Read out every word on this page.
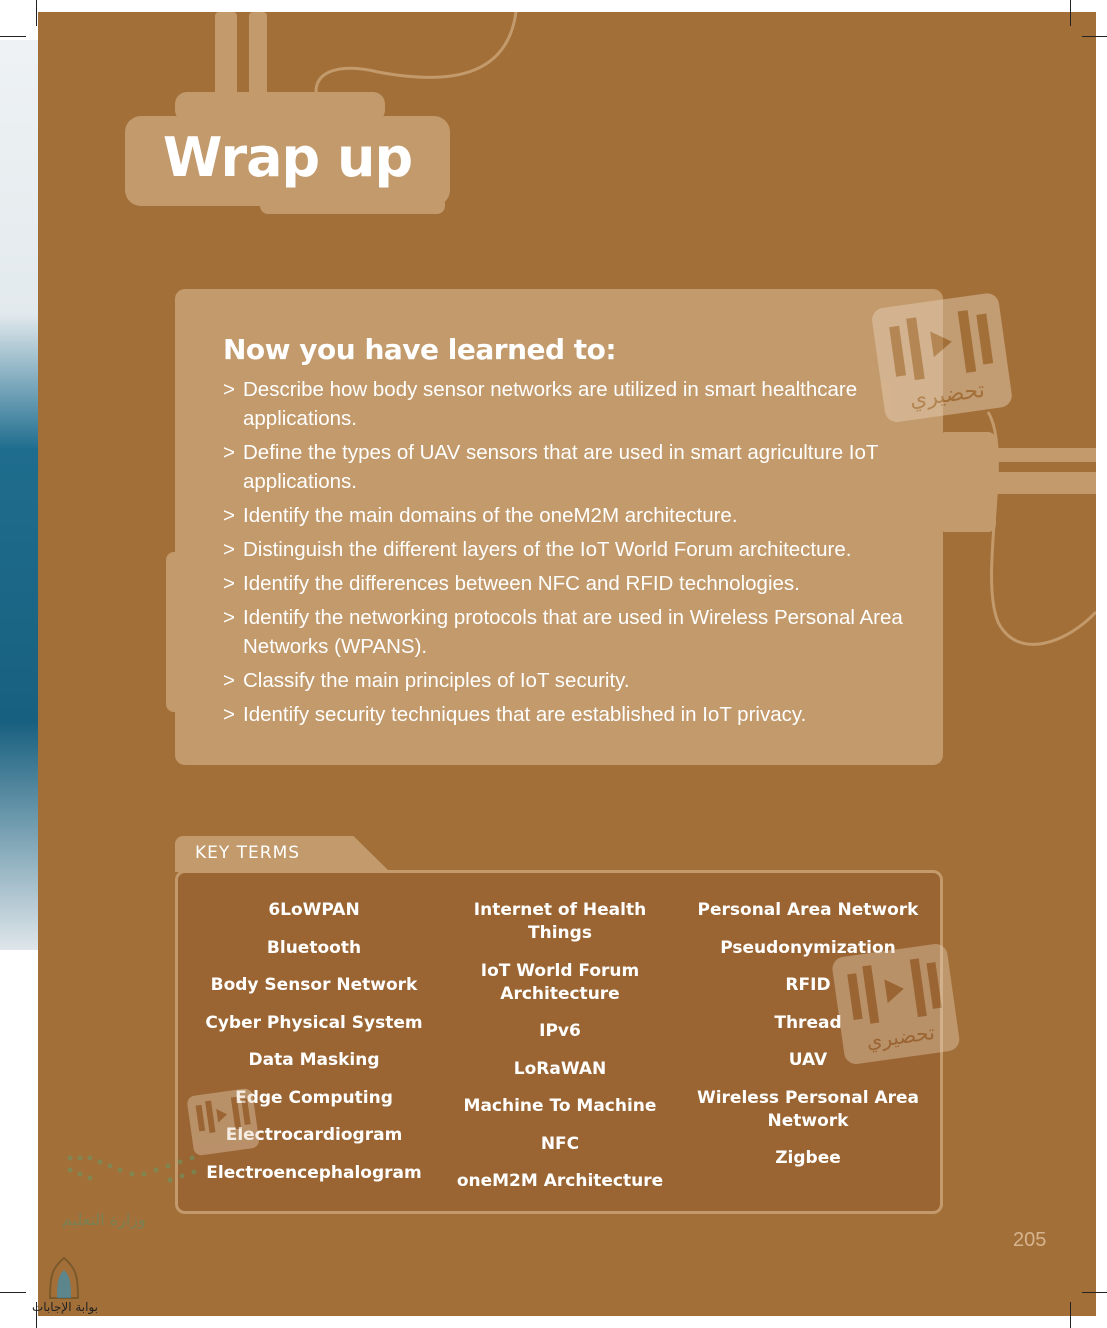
Wrap up
Now you have learned to:
> Describe how body sensor networks are utilized in smart healthcare applications.
> Define the types of UAV sensors that are used in smart agriculture IoT applications.
> Identify the main domains of the oneM2M architecture.
> Distinguish the different layers of the IoT World Forum architecture.
> Identify the differences between NFC and RFID technologies.
> Identify the networking protocols that are used in Wireless Personal Area Networks (WPANS).
> Classify the main principles of IoT security.
> Identify security techniques that are established in IoT privacy.
KEY TERMS
6LoWPAN
Bluetooth
Body Sensor Network
Cyber Physical System
Data Masking
Edge Computing
Electrocardiogram
Electroencephalogram
Internet of Health Things
IoT World Forum Architecture
IPv6
LoRaWAN
Machine To Machine
NFC
oneM2M Architecture
Personal Area Network
Pseudonymization
RFID
Thread
UAV
Wireless Personal Area Network
Zigbee
تحضيري
تحضيري
وزارة التعليم
بوابة الإجابات
205
